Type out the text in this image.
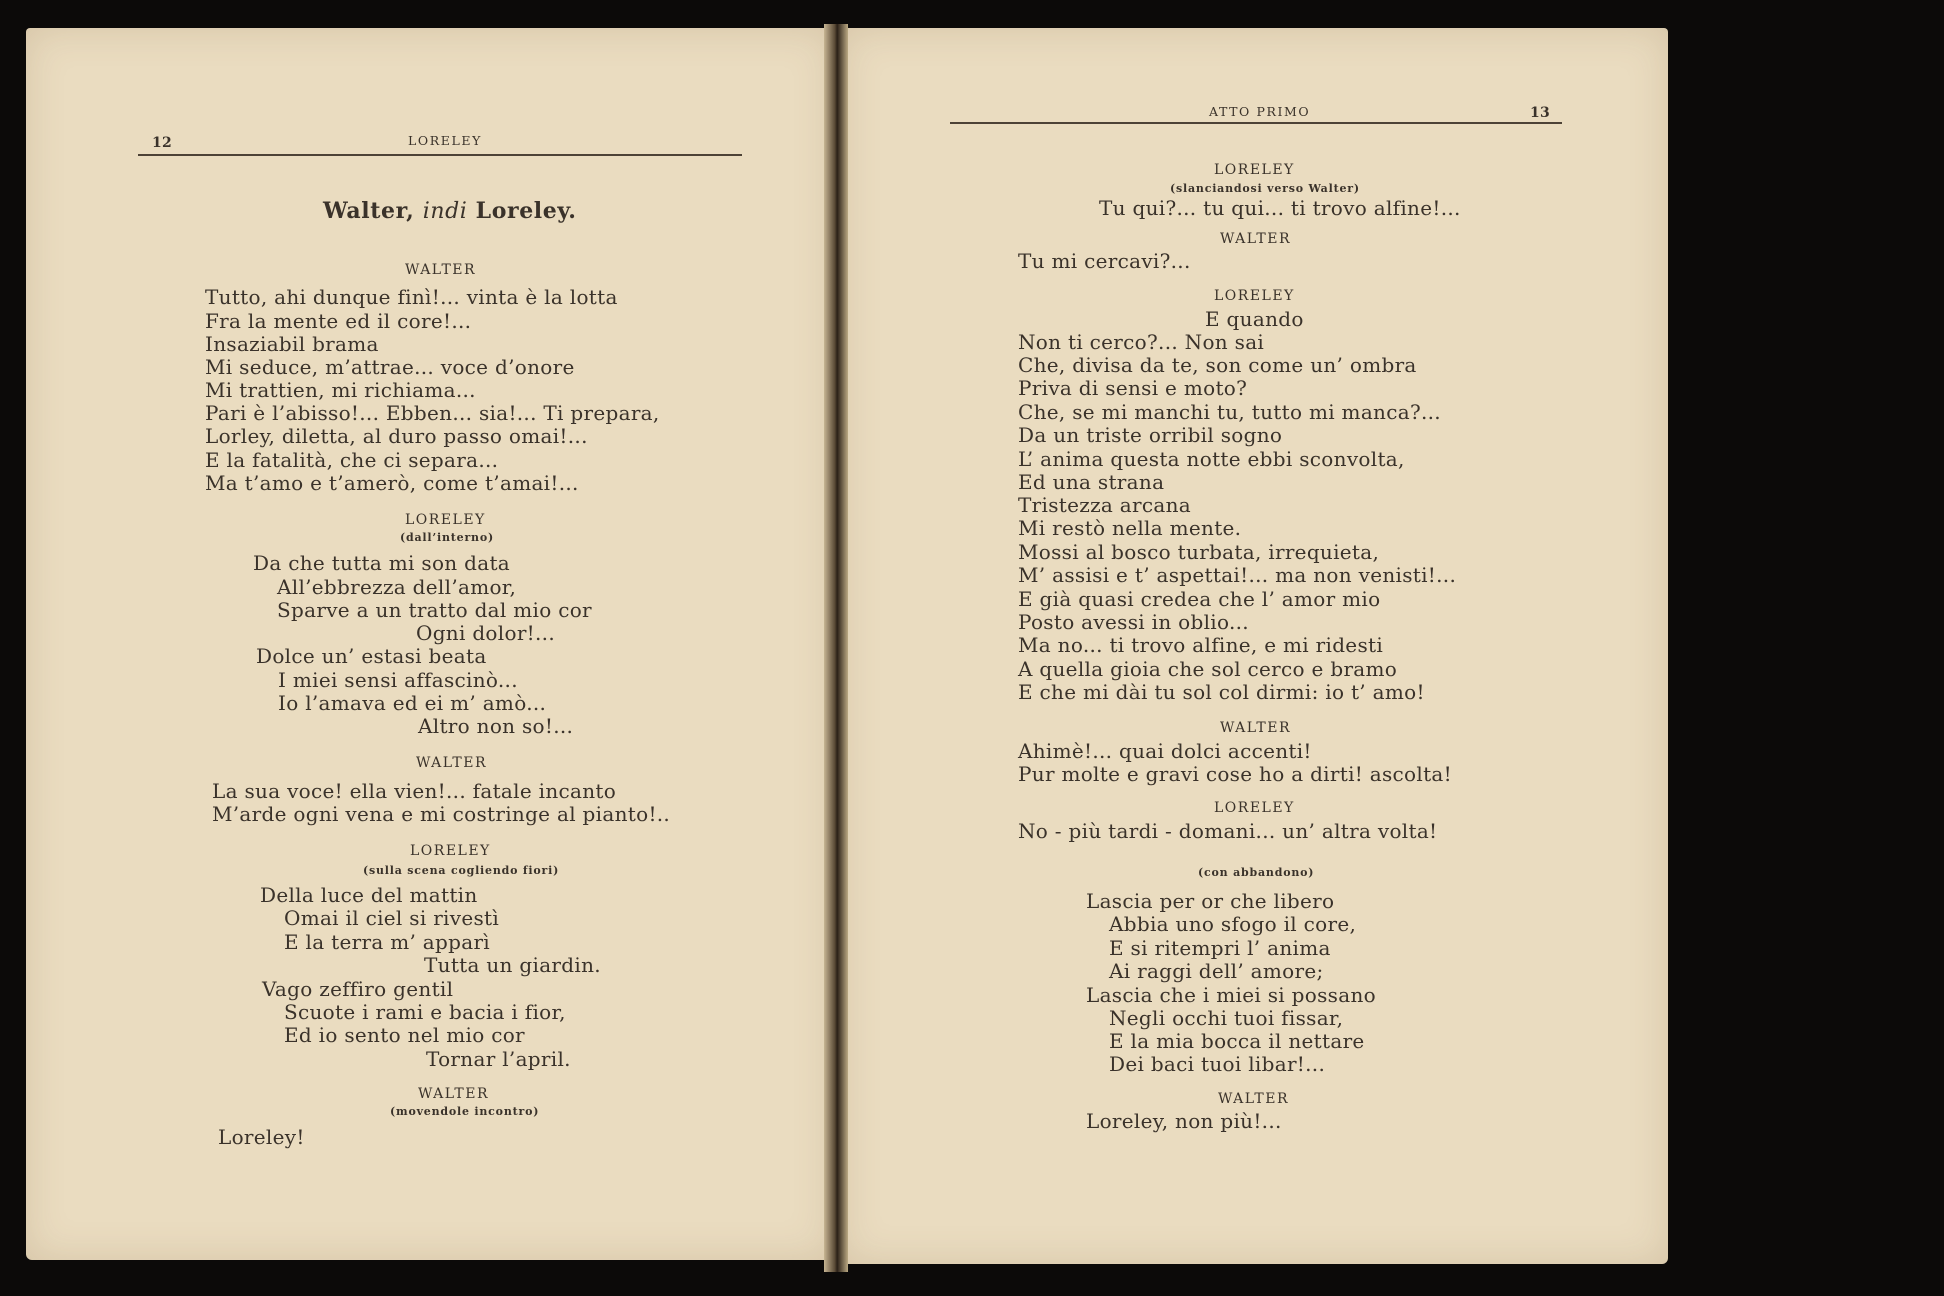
12	LORELEY
Walter, indi Loreley.
WALTER
Tutto, ahi dunque finì!... vinta è la lotta
Fra la mente ed il core!...
Insaziabil brama
Mi seduce, m’attrae... voce d’onore
Mi trattien, mi richiama...
Pari è l’abisso!... Ebben... sia!... Ti prepara,
Lorley, diletta, al duro passo omai!...
E la fatalità, che ci separa...
Ma t’amo e t’amerò, come t’amai!...
LORELEY
(dall’interno)
Da che tutta mi son data
All’ebbrezza dell’amor,
Sparve a un tratto dal mio cor
Ogni dolor!...
Dolce un’ estasi beata
I miei sensi affascinò...
Io l’amava ed ei m’ amò...
Altro non so!...
WALTER
La sua voce! ella vien!... fatale incanto
M’arde ogni vena e mi costringe al pianto!..
LORELEY
(sulla scena cogliendo fiori)
Della luce del mattin
Omai il ciel si rivestì
E la terra m’ apparì
Tutta un giardin.
Vago zeffiro gentil
Scuote i rami e bacia i fior,
Ed io sento nel mio cor
Tornar l’april.
WALTER
(movendole incontro)
Loreley!
ATTO PRIMO	13
LORELEY
(slanciandosi verso Walter)
Tu qui?... tu qui... ti trovo alfine!...
WALTER
Tu mi cercavi?...
LORELEY
E quando
Non ti cerco?... Non sai
Che, divisa da te, son come un’ ombra
Priva di sensi e moto?
Che, se mi manchi tu, tutto mi manca?...
Da un triste orribil sogno
L’ anima questa notte ebbi sconvolta,
Ed una strana
Tristezza arcana
Mi restò nella mente.
Mossi al bosco turbata, irrequieta,
M’ assisi e t’ aspettai!... ma non venisti!...
E già quasi credea che l’ amor mio
Posto avessi in oblio...
Ma no... ti trovo alfine, e mi ridesti
A quella gioia che sol cerco e bramo
E che mi dài tu sol col dirmi: io t’ amo!
WALTER
Ahimè!... quai dolci accenti!
Pur molte e gravi cose ho a dirti! ascolta!
LORELEY
No - più tardi - domani... un’ altra volta!
(con abbandono)
Lascia per or che libero
Abbia uno sfogo il core,
E si ritempri l’ anima
Ai raggi dell’ amore;
Lascia che i miei si possano
Negli occhi tuoi fissar,
E la mia bocca il nettare
Dei baci tuoi libar!...
WALTER
Loreley, non più!...
